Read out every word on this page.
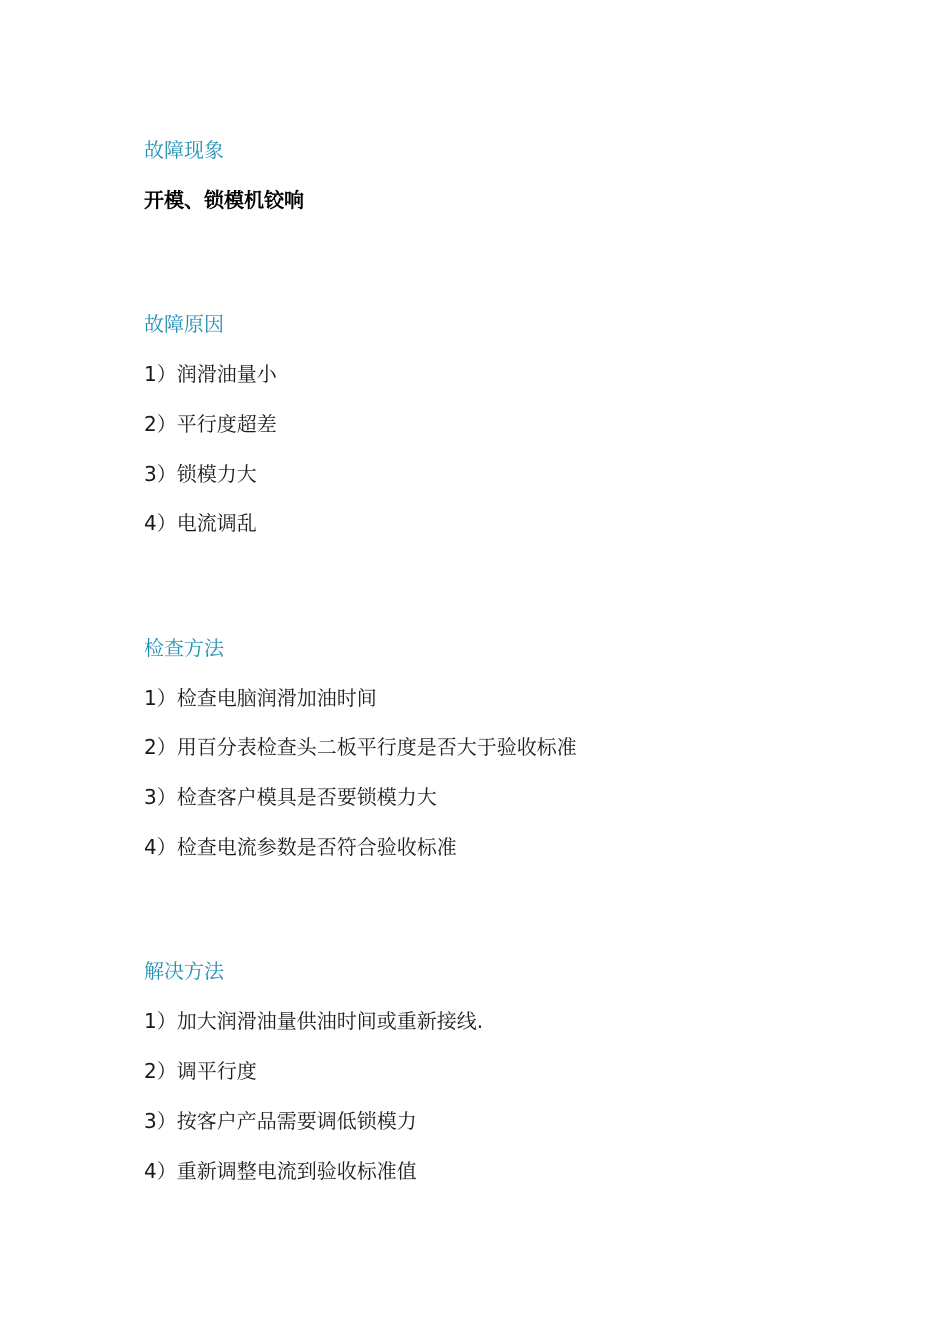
故障现象
开模、锁模机铰响
故障原因
1）润滑油量小
2）平行度超差
3）锁模力大
4）电流调乱
检查方法
1）检查电脑润滑加油时间
2）用百分表检查头二板平行度是否大于验收标准
3）检查客户模具是否要锁模力大
4）检查电流参数是否符合验收标准
解决方法
1）加大润滑油量供油时间或重新接线.
2）调平行度
3）按客户产品需要调低锁模力
4）重新调整电流到验收标准值
